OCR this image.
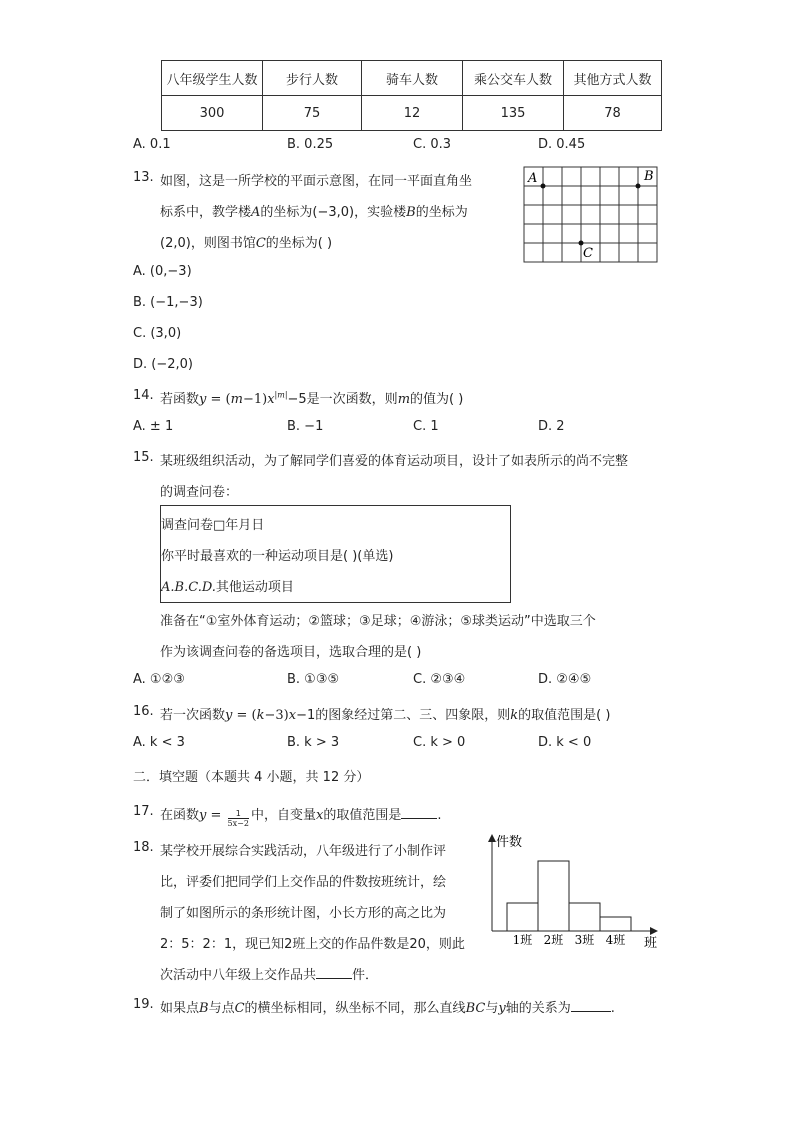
八年级学生人数	步行人数	骑车人数	乘公交车人数	其他方式人数
300	75	12	135	78
A. 0.1	B. 0.25	C. 0.3	D. 0.45
13. 如图，这是一所学校的平面示意图，在同一平面直角坐
标系中，教学楼A的坐标为(−3,0)，实验楼B的坐标为
(2,0)，则图书馆C的坐标为( )
A	B
C
A. (0,−3)
B. (−1,−3)
C. (3,0)
D. (−2,0)
14. 若函数$y = (m-1)x^{|m|}-5$是一次函数，则m的值为( )
A. ± 1	B. −1	C. 1	D. 2
15. 某班级组织活动，为了解同学们喜爱的体育运动项目，设计了如表所示的尚不完整
的调查问卷：
调查问卷□年月日
你平时最喜欢的一种运动项目是( )(单选)
A.B.C.D.其他运动项目
准备在“①室外体育运动；②篮球；③足球；④游泳；⑤球类运动”中选取三个
作为该调查问卷的备选项目，选取合理的是( )
A. ①②③	B. ①③⑤	C. ②③④	D. ②④⑤
16. 若一次函数y = (k−3)x−1的图象经过第二、三、四象限，则k的取值范围是( )
A. k < 3	B. k > 3	C. k > 0	D. k < 0
二．填空题（本题共 4 小题，共 12 分）
17. 在函数$y = \frac{1}{5x-2}$ 中，自变量x的取值范围是	.
18. 某学校开展综合实践活动，八年级进行了小制作评
比，评委们把同学们上交作品的件数按班统计，绘
制了如图所示的条形统计图，小长方形的高之比为
2：5：2：1，现已知2班上交的作品件数是20，则此
次活动中八年级上交作品共	件．
件数
班
1班 2班 3班 4班
19. 如果点B与点C的横坐标相同，纵坐标不同，那么直线BC与y轴的关系为	.
